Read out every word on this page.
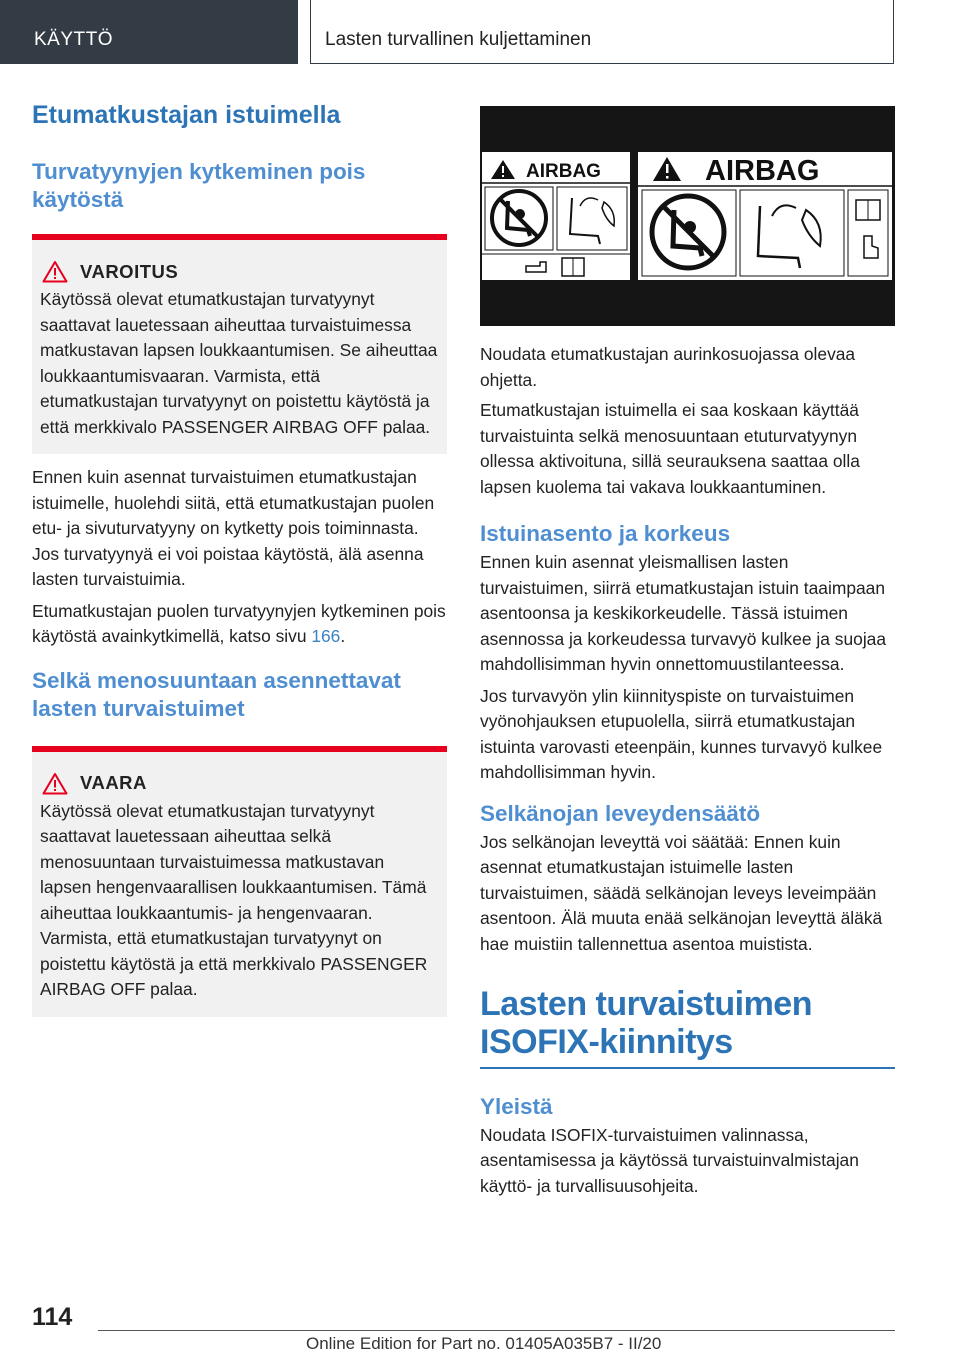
KÄYTTÖ	Lasten turvallinen kuljettaminen
Etumatkustajan istuimella
Turvatyynyjen kytkeminen pois käytöstä
VAROITUS

Käytössä olevat etumatkustajan turvatyynyt saattavat lauetessaan aiheuttaa turvaistuimessa matkustavan lapsen loukkaantumisen. Se aiheuttaa loukkaantumisvaaran. Varmista, että etumatkustajan turvatyynyt on poistettu käytöstä ja että merkkivalo PASSENGER AIRBAG OFF palaa.

Ennen kuin asennat turvaistuimen etumatkustajan istuimelle, huolehdi siitä, että etumatkustajan puolen etu- ja sivuturvatyyny on kytketty pois toiminnasta. Jos turvatyynyä ei voi poistaa käytöstä, älä asenna lasten turvaistuimia.

Etumatkustajan puolen turvatyynyjen kytkeminen pois käytöstä avainkytkimellä, katso sivu 166.

Selkä menosuuntaan asennettavat lasten turvaistuimet
VAARA

Käytössä olevat etumatkustajan turvatyynyt saattavat lauetessaan aiheuttaa selkä menosuuntaan turvaistuimessa matkustavan lapsen hengenvaarallisen loukkaantumisen. Tämä aiheuttaa loukkaantumis- ja hengenvaaran. Varmista, että etumatkustajan turvatyynyt on poistettu käytöstä ja että merkkivalo PASSENGER AIRBAG OFF palaa.

AIRBAG	AIRBAG

Noudata etumatkustajan aurinkosuojassa olevaa ohjetta.

Etumatkustajan istuimella ei saa koskaan käyttää turvaistuinta selkä menosuuntaan etuturvatyynyn ollessa aktivoituna, sillä seurauksena saattaa olla lapsen kuolema tai vakava loukkaantuminen.

Istuinasento ja korkeus

Ennen kuin asennat yleismallisen lasten turvaistuimen, siirrä etumatkustajan istuin taaimpaan asentoonsa ja keskikorkeudelle. Tässä istuimen asennossa ja korkeudessa turvavyö kulkee ja suojaa mahdollisimman hyvin onnettomuustilanteessa.

Jos turvavyön ylin kiinnityspiste on turvaistuimen vyönohjauksen etupuolella, siirrä etumatkustajan istuinta varovasti eteenpäin, kunnes turvavyö kulkee mahdollisimman hyvin.

Selkänojan leveydensäätö

Jos selkänojan leveyttä voi säätää: Ennen kuin asennat etumatkustajan istuimelle lasten turvaistuimen, säädä selkänojan leveys leveimpään asentoon. Älä muuta enää selkänojan leveyttä äläkä hae muistiin tallennettua asentoa muistista.

Lasten turvaistuimen ISOFIX-kiinnitys
Yleistä

Noudata ISOFIX-turvaistuimen valinnassa, asentamisessa ja käytössä turvaistuinvalmistajan käyttö- ja turvallisuusohjeita.

114
Online Edition for Part no. 01405A035B7 - II/20
